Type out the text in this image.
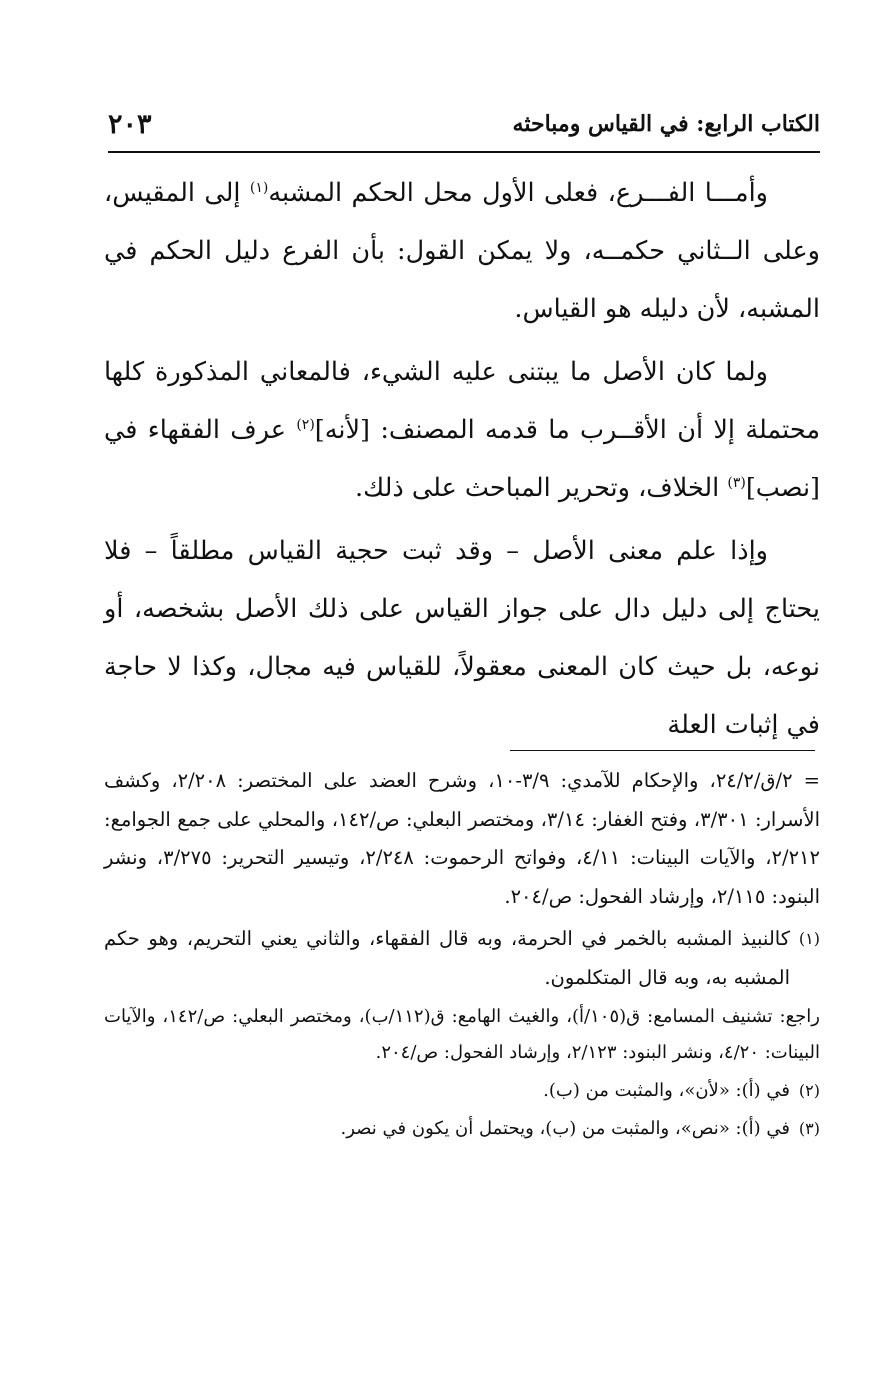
الكتاب الرابع: في القياس ومباحثه
٢٠٣

وأمـــا الفـــرع، فعلى الأول محل الحكم المشبه$^{(١)}$ إلى المقيس، وعلى الــثاني حكمــه، ولا يمكن القول: بأن الفرع دليل الحكم في المشبه، لأن دليله هو القياس.

ولما كان الأصل ما يبتنى عليه الشيء، فالمعاني المذكورة كلها محتملة إلا أن الأقــرب ما قدمه المصنف: [لأنه]$^{(٢)}$ عرف الفقهاء في [نصب]$^{(٣)}$ الخلاف، وتحرير المباحث على ذلك.

وإذا علم معنى الأصل – وقد ثبت حجية القياس مطلقاً – فلا يحتاج إلى دليل دال على جواز القياس على ذلك الأصل بشخصه، أو نوعه، بل حيث كان المعنى معقولاً، للقياس فيه مجال، وكذا لا حاجة في إثبات العلة

= ٢/ق/٢٤/٢، والإحكام للآمدي: ٣/٩-١٠، وشرح العضد على المختصر: ٢/٢٠٨، وكشف الأسرار: ٣/٣٠١، وفتح الغفار: ٣/١٤، ومختصر البعلي: ص/١٤٢، والمحلي على جمع الجوامع: ٢/٢١٢، والآيات البينات: ٤/١١، وفواتح الرحموت: ٢/٢٤٨، وتيسير التحرير: ٣/٢٧٥، ونشر البنود: ٢/١١٥، وإرشاد الفحول: ص/٢٠٤.

(١)
كالنبيذ المشبه بالخمر في الحرمة، وبه قال الفقهاء، والثاني يعني التحريم، وهو حكم المشبه به، وبه قال المتكلمون.

راجع: تشنيف المسامع: ق(١٠٥/أ)، والغيث الهامع: ق(١١٢/ب)، ومختصر البعلي: ص/١٤٢، والآيات البينات: ٤/٢٠، ونشر البنود: ٢/١٢٣، وإرشاد الفحول: ص/٢٠٤.

(٢)
في (أ): «لأن»، والمثبت من (ب).

(٣)
في (أ): «نص»، والمثبت من (ب)، ويحتمل أن يكون في نصر.
